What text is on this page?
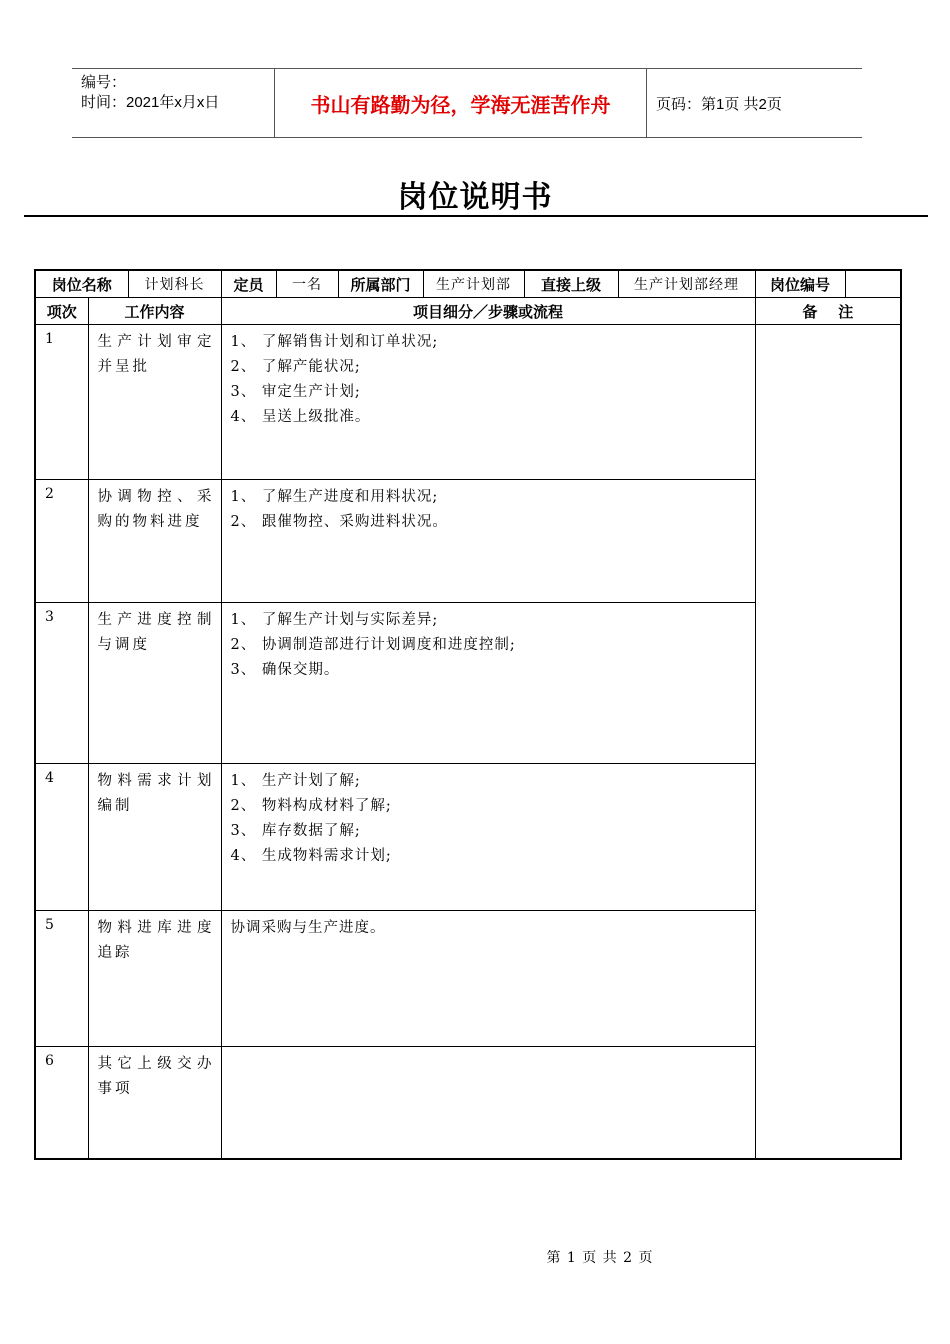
编号：
时间：2021年x月x日	书山有路勤为径，学海无涯苦作舟	页码：第1页 共2页
岗位说明书
岗位名称		计划科长	定员	一名	所属部门	生产计划部	直接上级	生产计划部经理	岗位编号	
项次	工作内容		项目细分／步骤或流程						备    注	
1	生产计划审定并呈批		1、 了解销售计划和订单状况;
2、 了解产能状况;
3、 审定生产计划;
4、 呈送上级批准。							

2	协调物控、采购的物料进度		1、 了解生产进度和用料状况;
2、 跟催物控、采购进料状况。							

3	生产进度控制与调度		1、 了解生产计划与实际差异;
2、 协调制造部进行计划调度和进度控制;
3、 确保交期。							

4	物料需求计划编制		1、 生产计划了解;
2、 物料构成材料了解;
3、 库存数据了解;
4、 生成物料需求计划;							

5	物料进库进度追踪		协调采购与生产进度。							

6	其它上级交办事项									
第 1 页 共 2 页
